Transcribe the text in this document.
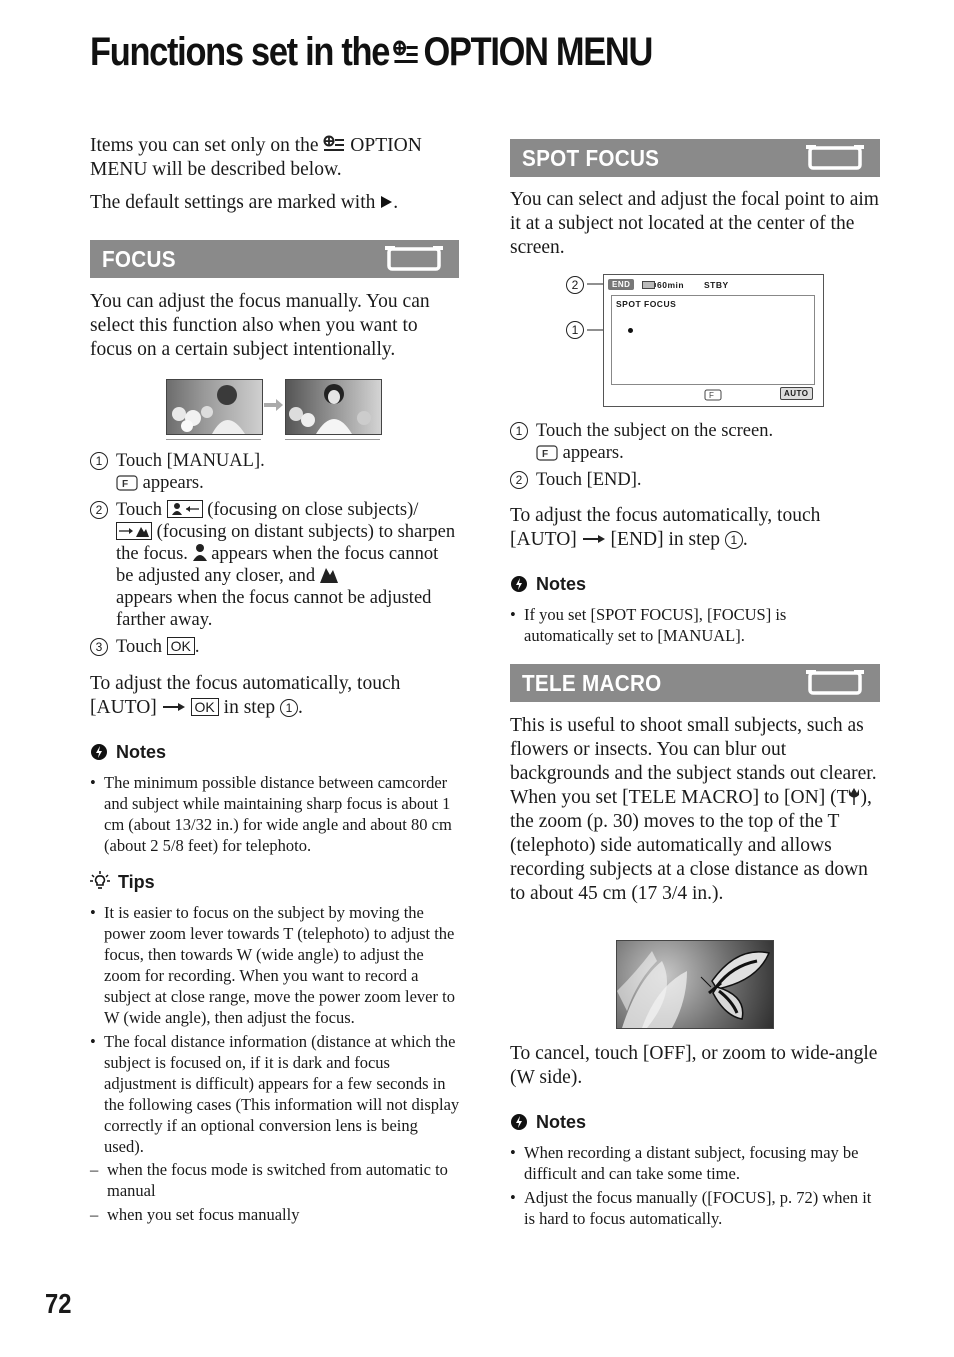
Functions set in the OPTION MENU

Items you can set only on the OPTION MENU will be described below.

The default settings are marked with .

FOCUS

You can adjust the focus manually. You can select this function also when you want to focus on a certain subject intentionally.

1 Touch [MANUAL].

F appears.
2 Touch (focusing on close subjects)/
(focusing on distant subjects) to sharpen the focus. appears when the focus cannot be adjusted any closer, and
appears when the focus cannot be adjusted farther away.
3 Touch OK .

To adjust the focus automatically, touch [AUTO]	OK in step 1 .

Notes
• The minimum possible distance between camcorder and subject while maintaining sharp focus is about 1 cm (about 13/32 in.) for wide angle and about 80 cm (about 2 5/8 feet) for telephoto.
Tips
• It is easier to focus on the subject by moving the power zoom lever towards T (telephoto) to adjust the focus, then towards W (wide angle) to adjust the zoom for recording. When you want to record a subject at close range, move the power zoom lever to W (wide angle), then adjust the focus.
• The focal distance information (distance at which the subject is focused on, if it is dark and focus adjustment is difficult) appears for a few seconds in the following cases (This information will not display correctly if an optional conversion lens is being used).
– when the focus mode is switched from automatic to manual
– when you set focus manually
72
SPOT FOCUS

You can select and adjust the focal point to aim it at a subject not located at the center of the screen.

2
1
END	60min STBY
SPOT FOCUS
F	AUTO
1 Touch the subject on the screen.

F appears.
2 Touch [END].

To adjust the focus automatically, touch [AUTO] [END] in step 1 .

Notes
• If you set [SPOT FOCUS], [FOCUS] is automatically set to [MANUAL].
TELE MACRO

This is useful to shoot small subjects, such as flowers or insects. You can blur out backgrounds and the subject stands out clearer.

When you set [TELE MACRO] to [ON] (T ), the zoom (p. 30) moves to the top of the T (telephoto) side automatically and allows recording subjects at a close distance as down to about 45 cm (17 3/4 in.).

To cancel, touch [OFF], or zoom to wide-angle (W side).

Notes
• When recording a distant subject, focusing may be difficult and can take some time.
• Adjust the focus manually ([FOCUS], p. 72) when it is hard to focus automatically.
